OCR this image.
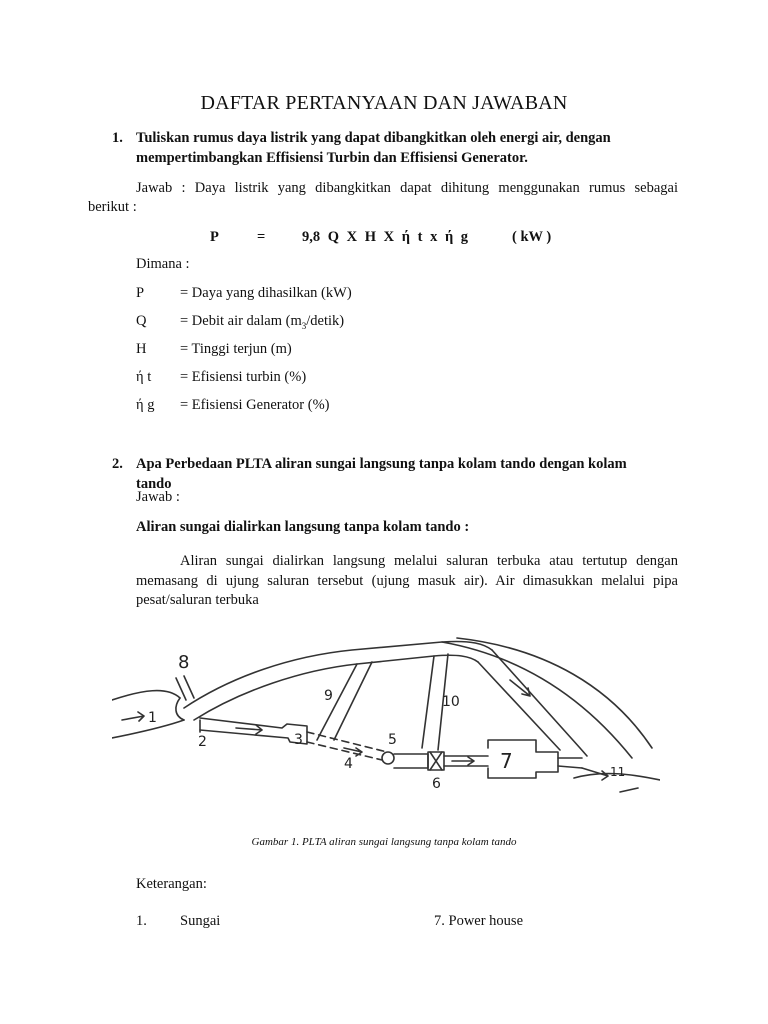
DAFTAR PERTANYAAN DAN JAWABAN
1. Tuliskan rumus daya listrik yang dapat dibangkitkan oleh energi air, dengan
mempertimbangkan Effisiensi Turbin dan Effisiensi Generator.
Jawab : Daya listrik yang dibangkitkan dapat dihitung menggunakan rumus sebagai
berikut :
P	=	9,8 Q X H X ή t x ή g	( kW )
Dimana :
P = Daya yang dihasilkan (kW)
Q = Debit air dalam $(m_3/detik)$
H = Tinggi terjun (m)
ή t = Efisiensi turbin (%)
ή g = Efisiensi Generator (%)
2. Apa Perbedaan PLTA aliran sungai langsung tanpa kolam tando dengan kolam
tando
Jawab :
Aliran sungai dialirkan langsung tanpa kolam tando :
Aliran sungai dialirkan langsung melalui saluran terbuka atau tertutup dengan
memasang di ujung saluran tersebut (ujung masuk air). Air dimasukkan melalui pipa
pesat/saluran terbuka
1
2	3
4
5
6
7
8
9	10
11
Gambar 1. PLTA aliran sungai langsung tanpa kolam tando
Keterangan:
1. Sungai	7. Power house
